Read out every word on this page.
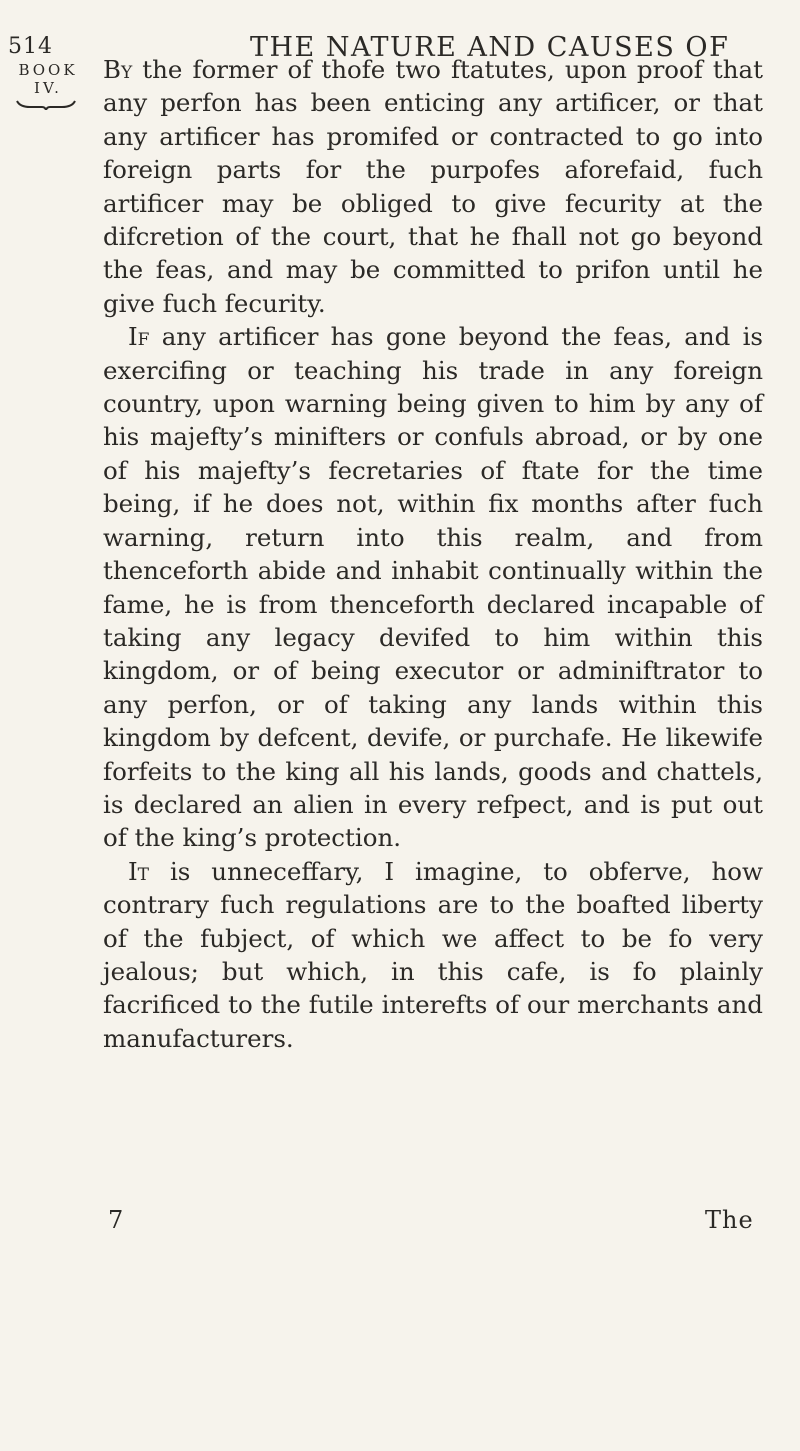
514	THE NATURE AND CAUSES OF
BOOK
IV.

By the former of thofe two ftatutes, upon proof that any perfon has been enticing any artificer, or that any artificer has promifed or contracted to go into foreign parts for the purpofes aforefaid, fuch artificer may be obliged to give fecurity at the difcretion of the court, that he fhall not go beyond the feas, and may be committed to prifon until he give fuch fecurity.

If any artificer has gone beyond the feas, and is exercifing or teaching his trade in any foreign country, upon warning being given to him by any of his majefty’s minifters or confuls abroad, or by one of his majefty’s fecretaries of ftate for the time being, if he does not, within fix months after fuch warning, return into this realm, and from thenceforth abide and inhabit continually within the fame, he is from thenceforth declared incapable of taking any legacy devifed to him within this kingdom, or of being executor or adminiftrator to any perfon, or of taking any lands within this kingdom by defcent, devife, or purchafe. He likewife forfeits to the king all his lands, goods and chattels, is declared an alien in every refpect, and is put out of the king’s protection.

It is unneceffary, I imagine, to obferve, how contrary fuch regulations are to the boafted liberty of the fubject, of which we affect to be fo very jealous; but which, in this cafe, is fo plainly facrificed to the futile interefts of our merchants and manufacturers.

7	The
